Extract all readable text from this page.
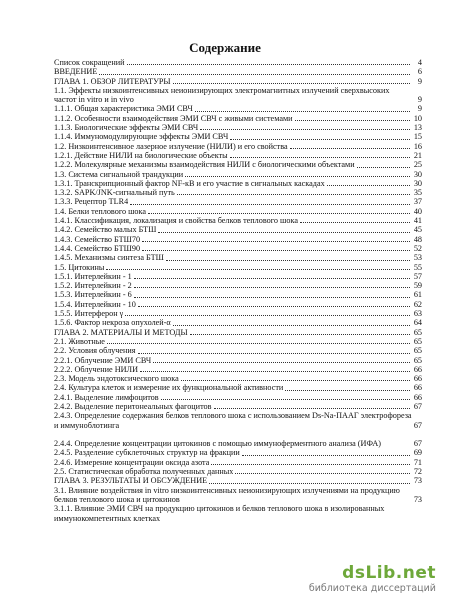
Содержание
Список сокращений	4
ВВЕДЕНИЕ	6
ГЛАВА 1. ОБЗОР ЛИТЕРАТУРЫ	9
1.1. Эффекты низкоинтенсивных неионизирующих электромагнитных излучений сверхвысоких частот in vitro и in vivo	9
1.1.1. Общая характеристика ЭМИ СВЧ	9
1.1.2. Особенности взаимодействия ЭМИ СВЧ с живыми системами	10
1.1.3. Биологические эффекты ЭМИ СВЧ	13
1.1.4. Иммуномодулирующие эффекты ЭМИ СВЧ	15
1.2. Низкоинтенсивное лазерное излучение (НИЛИ) и его свойства	16
1.2.1. Действие НИЛИ на биологические объекты	21
1.2.2. Молекулярные механизмы взаимодействия НИЛИ с биологическими объектами	25
1.3. Система сигнальной трандукции	30
1.3.1. Транскрипционный фактор NF-кВ и его участие в сигнальных каскадах	30
1.3.2. SAPK/JNK-сигнальный путь	35
1.3.3. Рецептор TLR4	37
1.4. Белки теплового шока	40
1.4.1. Классификация, локализация и свойства белков теплового шока	41
1.4.2. Семейство малых БТШ	45
1.4.3. Семейство БТШ70	48
1.4.4. Семейство БТШ90	52
1.4.5. Механизмы синтеза БТШ	53
1.5. Цитокины	55
1.5.1. Интерлейкин - 1	57
1.5.2. Интерлейкин - 2	59
1.5.3. Интерлейкин - 6	61
1.5.4. Интерлейкин - 10	62
1.5.5. Интерферон γ	63
1.5.6. Фактор некроза опухолей-α	64
ГЛАВА 2. МАТЕРИАЛЫ И МЕТОДЫ	65
2.1. Животные	65
2.2. Условия облучения	65
2.2.1. Облучение ЭМИ СВЧ	65
2.2.2. Облучение НИЛИ	66
2.3. Модель эндотоксического шока	66
2.4. Культура клеток и измерение их функциональной активности	66
2.4.1. Выделение лимфоцитов	66
2.4.2. Выделение перитонеальных фагоцитов	67
2.4.3. Определение содержания белков теплового шока с использованием Ds-Na-ПААГ электрофореза и иммуноблотинга	67
2.4.4. Определение концентрации цитокинов с помощью иммуноферментного анализа (ИФА)	67
2.4.5. Разделение субклеточных структур на фракции	69
2.4.6. Измерение концентрации оксида азота	71
2.5. Статистическая обработка полученных данных	72
ГЛАВА 3. РЕЗУЛЬТАТЫ И ОБСУЖДЕНИЕ	73
3.1. Влияние воздействия in vitro низкоинтенсивных неионизирующих излучениями на продукцию белков теплового шока и цитокинов	73
3.1.1. Влияние ЭМИ СВЧ на продукцию цитокинов и белков теплового шока в изолированных иммунокомпетентных клетках
dsLib.net
библиотека диссертаций
